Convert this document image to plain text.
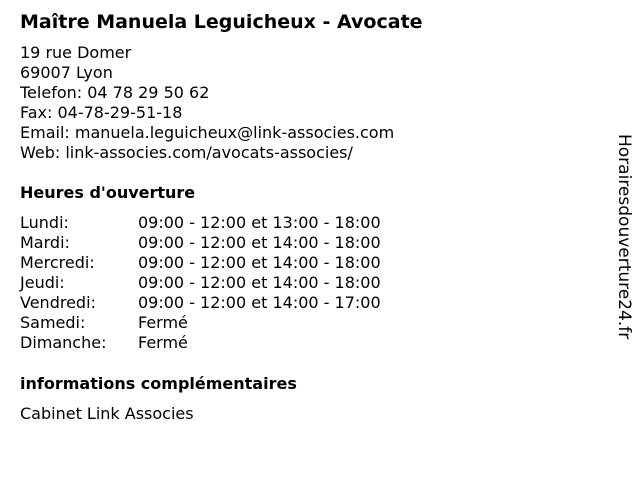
Maître Manuela Leguicheux - Avocate
19 rue Domer
69007 Lyon
Telefon: 04 78 29 50 62
Fax: 04-78-29-51-18
Email: manuela.leguicheux@link-associes.com
Web: link-associes.com/avocats-associes/
Heures d'ouverture
Lundi:	09:00 - 12:00 et 13:00 - 18:00
Mardi:	09:00 - 12:00 et 14:00 - 18:00
Mercredi:	09:00 - 12:00 et 14:00 - 18:00
Jeudi:	09:00 - 12:00 et 14:00 - 18:00
Vendredi:	09:00 - 12:00 et 14:00 - 17:00
Samedi:	Fermé
Dimanche: Fermé
informations complémentaires
Cabinet Link Associes
Horairesdouverture24.fr
